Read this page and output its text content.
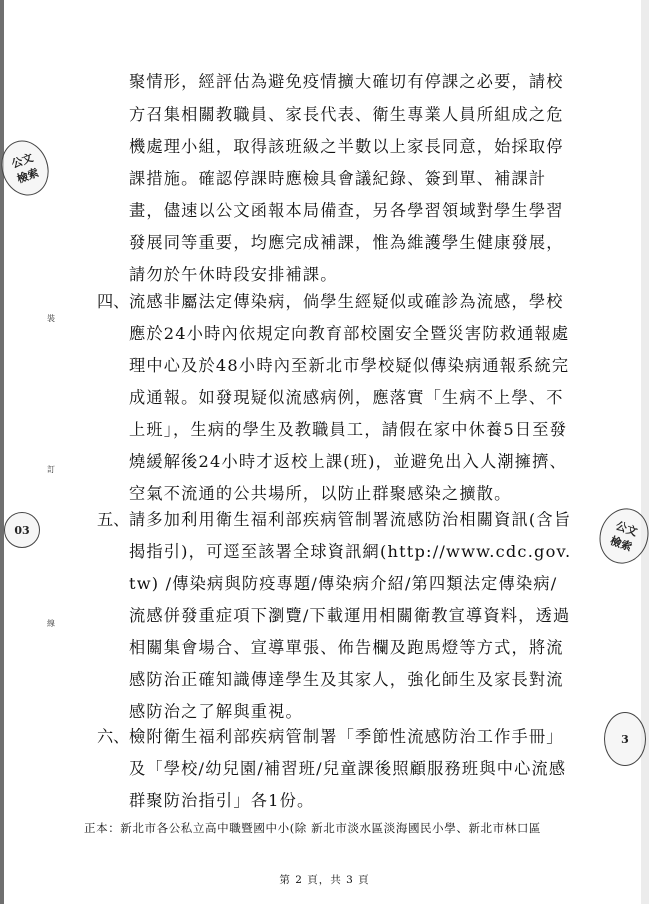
裝
訂
線
公文
檢索
03	公文
檢索
3
聚情形，經評估為避免疫情擴大確切有停課之必要，請校
方召集相關教職員、家長代表、衛生專業人員所組成之危
機處理小組，取得該班級之半數以上家長同意，始採取停
課措施。確認停課時應檢具會議紀錄、簽到單、補課計
畫，儘速以公文函報本局備查，另各學習領域對學生學習
發展同等重要，均應完成補課，惟為維護學生健康發展，
請勿於午休時段安排補課。
四、 流感非屬法定傳染病，倘學生經疑似或確診為流感，學校
應於24小時內依規定向教育部校園安全暨災害防救通報處
理中心及於48小時內至新北市學校疑似傳染病通報系統完
成通報。如發現疑似流感病例，應落實「生病不上學、不
上班」，生病的學生及教職員工，請假在家中休養5日至發
燒緩解後24小時才返校上課(班)，並避免出入人潮擁擠、
空氣不流通的公共場所，以防止群聚感染之擴散。
五、 請多加利用衛生福利部疾病管制署流感防治相關資訊(含旨
揭指引)，可逕至該署全球資訊網(http://www.cdc.gov.
tw) /傳染病與防疫專題/傳染病介紹/第四類法定傳染病/
流感併發重症項下瀏覽/下載運用相關衛教宣導資料，透過
相關集會場合、宣導單張、佈告欄及跑馬燈等方式，將流
感防治正確知識傳達學生及其家人，強化師生及家長對流
感防治之了解與重視。
六、 檢附衛生福利部疾病管制署「季節性流感防治工作手冊」
及「學校/幼兒園/補習班/兒童課後照顧服務班與中心流感
群聚防治指引」各1份。
正本：新北市各公私立高中職暨國中小(除 新北市淡水區淡海國民小學、新北市林口區
第 2 頁，共 3 頁
